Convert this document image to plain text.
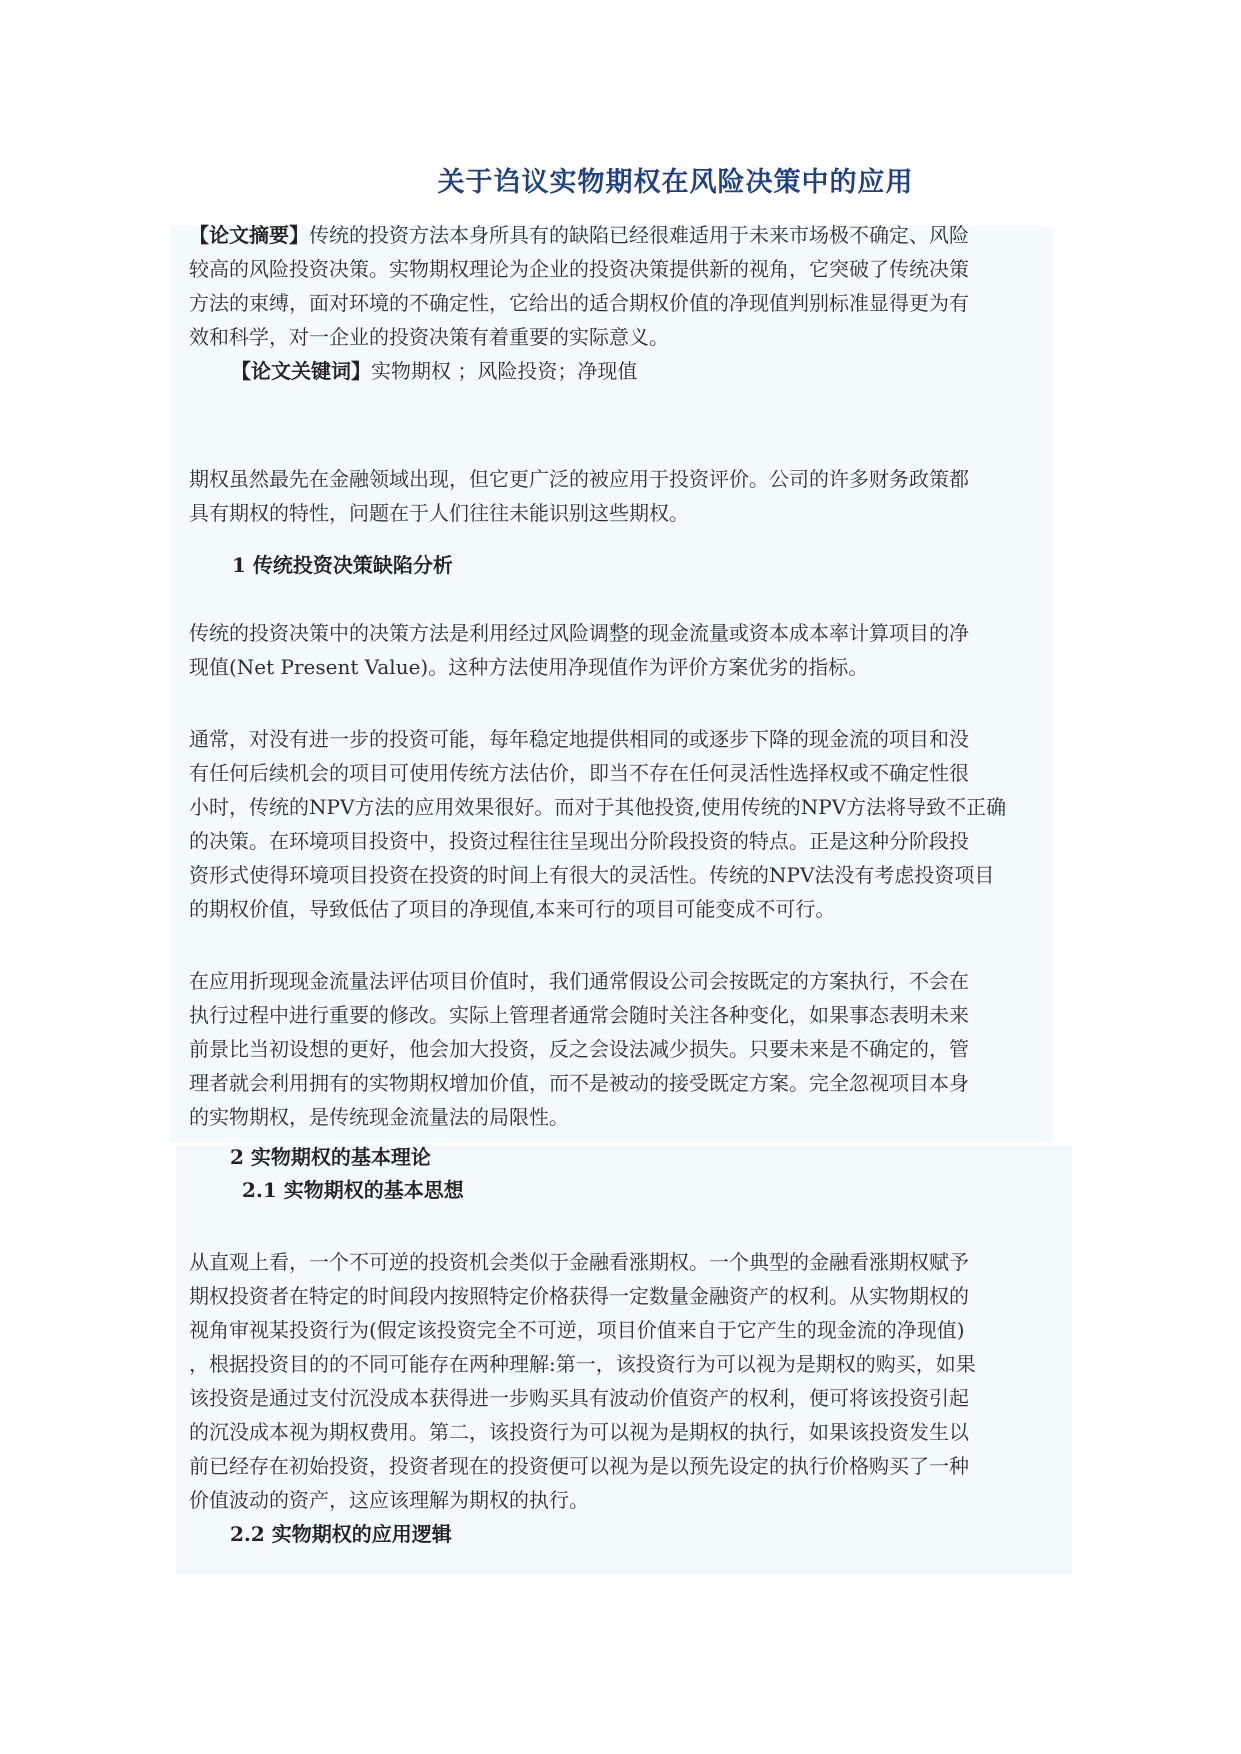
关于诌议实物期权在风险决策中的应用
【论文摘要】传统的投资方法本身所具有的缺陷已经很难适用于未来市场极不确定、风险
较高的风险投资决策。实物期权理论为企业的投资决策提供新的视角，它突破了传统决策
方法的束缚，面对环境的不确定性，它给出的适合期权价值的净现值判别标准显得更为有
效和科学，对一企业的投资决策有着重要的实际意义。
【论文关键词】实物期权 ；风险投资；净现值
期权虽然最先在金融领域出现，但它更广泛的被应用于投资评价。公司的许多财务政策都
具有期权的特性，问题在于人们往往未能识别这些期权。
1 传统投资决策缺陷分析
传统的投资决策中的决策方法是利用经过风险调整的现金流量或资本成本率计算项目的净
现值(Net Present Value)。这种方法使用净现值作为评价方案优劣的指标。
通常，对没有进一步的投资可能，每年稳定地提供相同的或逐步下降的现金流的项目和没
有任何后续机会的项目可使用传统方法估价，即当不存在任何灵活性选择权或不确定性很
小时，传统的NPV方法的应用效果很好。而对于其他投资,使用传统的NPV方法将导致不正确
的决策。在环境项目投资中，投资过程往往呈现出分阶段投资的特点。正是这种分阶段投
资形式使得环境项目投资在投资的时间上有很大的灵活性。传统的NPV法没有考虑投资项目
的期权价值，导致低估了项目的净现值,本来可行的项目可能变成不可行。
在应用折现现金流量法评估项目价值时，我们通常假设公司会按既定的方案执行，不会在
执行过程中进行重要的修改。实际上管理者通常会随时关注各种变化，如果事态表明未来
前景比当初设想的更好，他会加大投资，反之会设法减少损失。只要未来是不确定的，管
理者就会利用拥有的实物期权增加价值，而不是被动的接受既定方案。完全忽视项目本身
的实物期权，是传统现金流量法的局限性。
2 实物期权的基本理论
2.1 实物期权的基本思想
从直观上看，一个不可逆的投资机会类似于金融看涨期权。一个典型的金融看涨期权赋予
期权投资者在特定的时间段内按照特定价格获得一定数量金融资产的权利。从实物期权的
视角审视某投资行为(假定该投资完全不可逆，项目价值来自于它产生的现金流的净现值)
，根据投资目的的不同可能存在两种理解:第一，该投资行为可以视为是期权的购买，如果
该投资是通过支付沉没成本获得进一步购买具有波动价值资产的权利，便可将该投资引起
的沉没成本视为期权费用。第二，该投资行为可以视为是期权的执行，如果该投资发生以
前已经存在初始投资，投资者现在的投资便可以视为是以预先设定的执行价格购买了一种
价值波动的资产，这应该理解为期权的执行。
2.2 实物期权的应用逻辑
